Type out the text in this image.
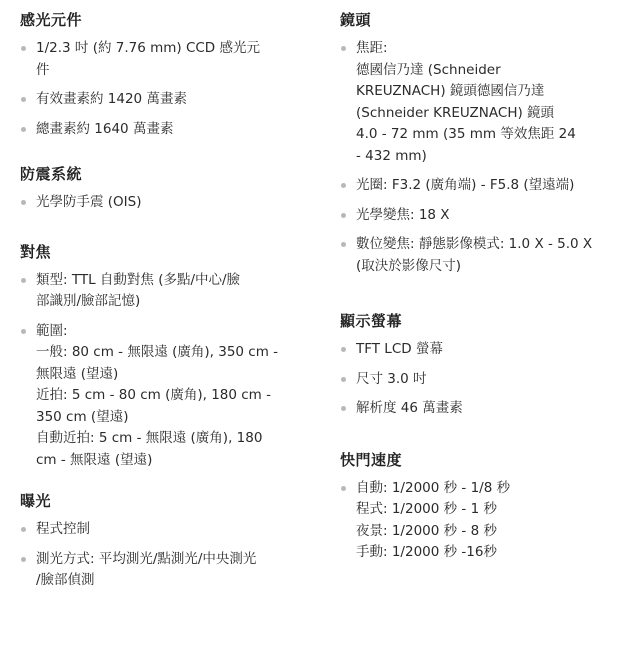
感光元件
1/2.3 吋 (約 7.76 mm) CCD 感光元
件
有效畫素約 1420 萬畫素
總畫素約 1640 萬畫素
防震系統
光學防手震 (OIS)
對焦
類型: TTL 自動對焦 (多點/中心/臉
部識別/臉部記憶)
範圍:
一般: 80 cm - 無限遠 (廣角), 350 cm -
無限遠 (望遠)
近拍: 5 cm - 80 cm (廣角), 180 cm -
350 cm (望遠)
自動近拍: 5 cm - 無限遠 (廣角), 180
cm - 無限遠 (望遠)
曝光
程式控制
測光方式: 平均測光/點測光/中央測光
/臉部偵測
鏡頭
焦距:
德國信乃達 (Schneider
KREUZNACH) 鏡頭德國信乃達
(Schneider KREUZNACH) 鏡頭
4.0 - 72 mm (35 mm 等效焦距 24
- 432 mm)
光圈: F3.2 (廣角端) - F5.8 (望遠端)
光學變焦: 18 X
數位變焦: 靜態影像模式: 1.0 X - 5.0 X
(取決於影像尺寸)
顯示螢幕
TFT LCD 螢幕
尺寸 3.0 吋
解析度 46 萬畫素
快門速度
自動: 1/2000 秒 - 1/8 秒
程式: 1/2000 秒 - 1 秒
夜景: 1/2000 秒 - 8 秒
手動: 1/2000 秒 -16秒
